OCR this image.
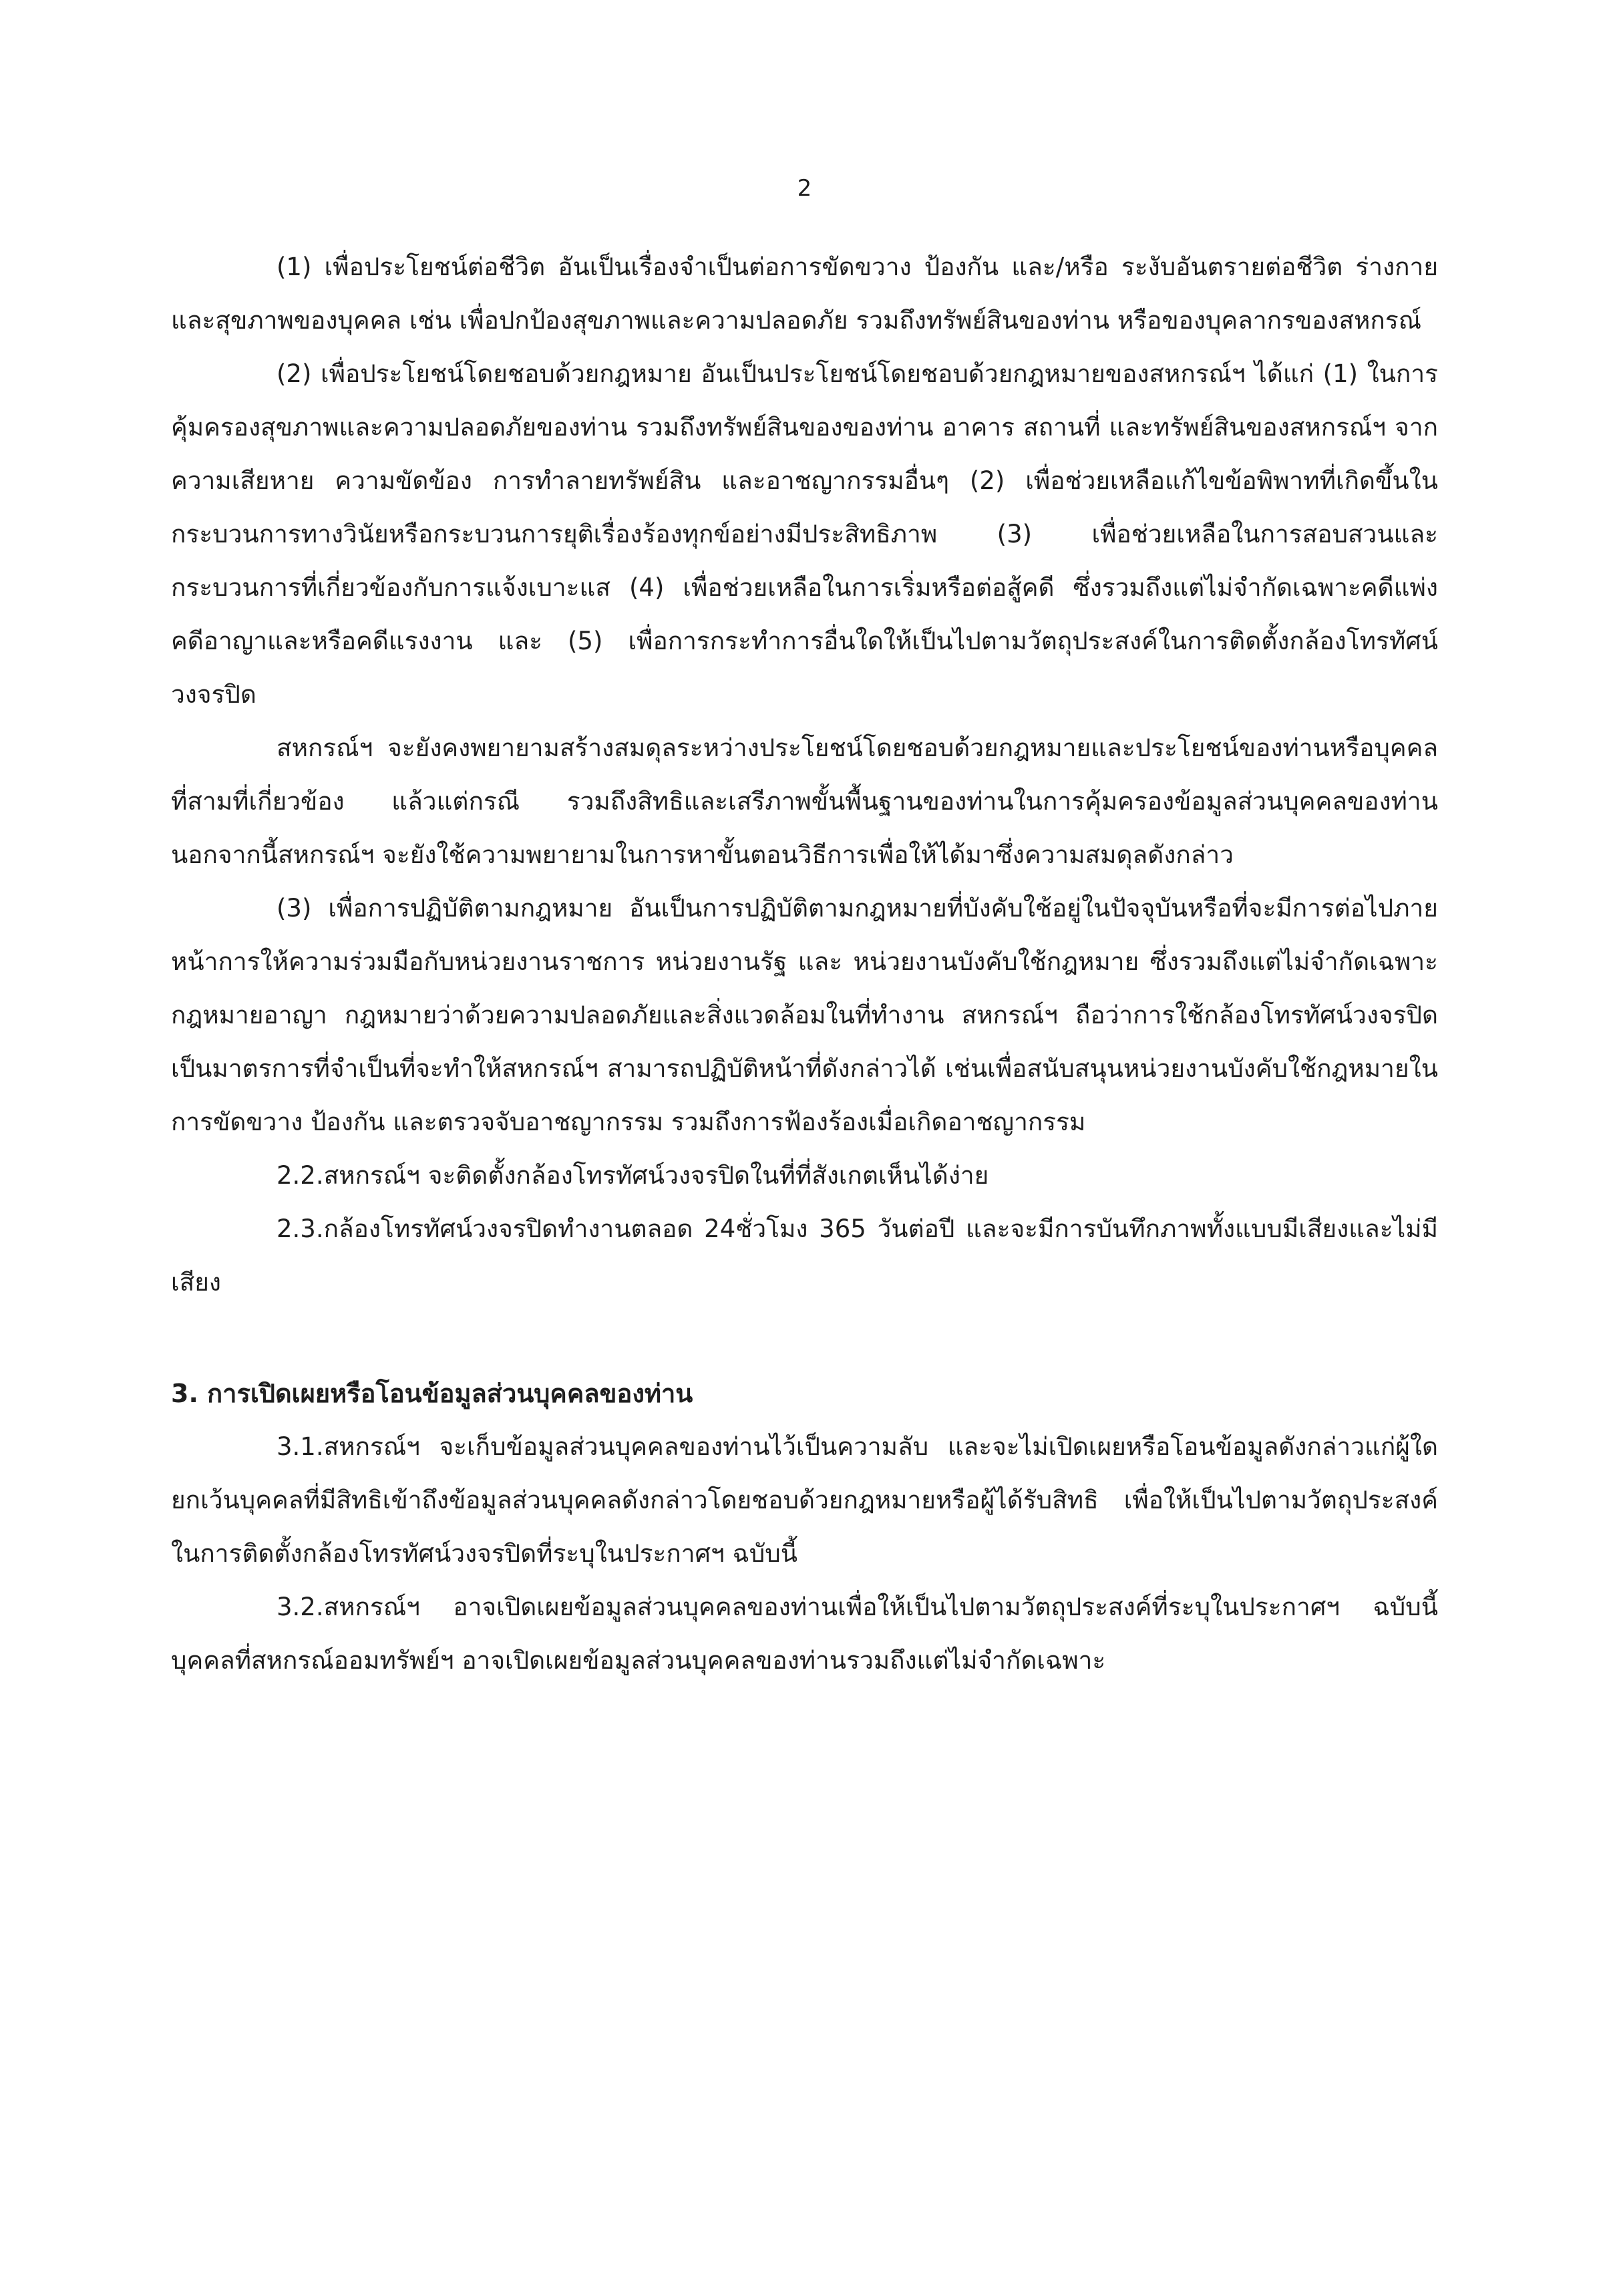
2

(1) เพื่อประโยชน์ต่อชีวิต อันเป็นเรื่องจำเป็นต่อการขัดขวาง ป้องกัน และ/หรือ ระงับอันตรายต่อชีวิต ร่างกาย และสุขภาพของบุคคล เช่น เพื่อปกป้องสุขภาพและความปลอดภัย รวมถึงทรัพย์สินของท่าน หรือของบุคลากรของสหกรณ์

(2) เพื่อประโยชน์โดยชอบด้วยกฎหมาย อันเป็นประโยชน์โดยชอบด้วยกฎหมายของสหกรณ์ฯ ได้แก่ (1) ในการคุ้มครองสุขภาพและความปลอดภัยของท่าน รวมถึงทรัพย์สินของของท่าน อาคาร สถานที่ และทรัพย์สินของสหกรณ์ฯ จากความเสียหาย ความขัดข้อง การทำลายทรัพย์สิน และอาชญากรรมอื่นๆ (2) เพื่อช่วยเหลือแก้ไขข้อพิพาทที่เกิดขึ้นในกระบวนการทางวินัยหรือกระบวนการยุติเรื่องร้องทุกข์อย่างมีประสิทธิภาพ (3) เพื่อช่วยเหลือในการสอบสวนและกระบวนการที่เกี่ยวข้องกับการแจ้งเบาะแส (4) เพื่อช่วยเหลือในการเริ่มหรือต่อสู้คดี ซึ่งรวมถึงแต่ไม่จำกัดเฉพาะคดีแพ่ง คดีอาญาและหรือคดีแรงงาน และ (5) เพื่อการกระทำการอื่นใดให้เป็นไปตามวัตถุประสงค์ในการติดตั้งกล้องโทรทัศน์วงจรปิด

สหกรณ์ฯ จะยังคงพยายามสร้างสมดุลระหว่างประโยชน์โดยชอบด้วยกฎหมายและประโยชน์ของท่านหรือบุคคลที่สามที่เกี่ยวข้อง แล้วแต่กรณี รวมถึงสิทธิและเสรีภาพขั้นพื้นฐานของท่านในการคุ้มครองข้อมูลส่วนบุคคลของท่าน นอกจากนี้สหกรณ์ฯ จะยังใช้ความพยายามในการหาขั้นตอนวิธีการเพื่อให้ได้มาซึ่งความสมดุลดังกล่าว

(3) เพื่อการปฏิบัติตามกฎหมาย อันเป็นการปฏิบัติตามกฎหมายที่บังคับใช้อยู่ในปัจจุบันหรือที่จะมีการต่อไปภายหน้าการให้ความร่วมมือกับหน่วยงานราชการ หน่วยงานรัฐ และ หน่วยงานบังคับใช้กฎหมาย ซึ่งรวมถึงแต่ไม่จำกัดเฉพาะ กฎหมายอาญา กฎหมายว่าด้วยความปลอดภัยและสิ่งแวดล้อมในที่ทำงาน สหกรณ์ฯ ถือว่าการใช้กล้องโทรทัศน์วงจรปิดเป็นมาตรการที่จำเป็นที่จะทำให้สหกรณ์ฯ สามารถปฏิบัติหน้าที่ดังกล่าวได้ เช่นเพื่อสนับสนุนหน่วยงานบังคับใช้กฎหมายในการขัดขวาง ป้องกัน และตรวจจับอาชญากรรม รวมถึงการฟ้องร้องเมื่อเกิดอาชญากรรม

2.2.สหกรณ์ฯ จะติดตั้งกล้องโทรทัศน์วงจรปิดในที่ที่สังเกตเห็นได้ง่าย

2.3.กล้องโทรทัศน์วงจรปิดทำงานตลอด 24ชั่วโมง 365 วันต่อปี และจะมีการบันทึกภาพทั้งแบบมีเสียงและไม่มีเสียง

3. การเปิดเผยหรือโอนข้อมูลส่วนบุคคลของท่าน

3.1.สหกรณ์ฯ จะเก็บข้อมูลส่วนบุคคลของท่านไว้เป็นความลับ และจะไม่เปิดเผยหรือโอนข้อมูลดังกล่าวแก่ผู้ใด ยกเว้นบุคคลที่มีสิทธิเข้าถึงข้อมูลส่วนบุคคลดังกล่าวโดยชอบด้วยกฎหมายหรือผู้ได้รับสิทธิ เพื่อให้เป็นไปตามวัตถุประสงค์ในการติดตั้งกล้องโทรทัศน์วงจรปิดที่ระบุในประกาศฯ ฉบับนี้

3.2.สหกรณ์ฯ อาจเปิดเผยข้อมูลส่วนบุคคลของท่านเพื่อให้เป็นไปตามวัตถุประสงค์ที่ระบุในประกาศฯ ฉบับนี้ บุคคลที่สหกรณ์ออมทรัพย์ฯ อาจเปิดเผยข้อมูลส่วนบุคคลของท่านรวมถึงแต่ไม่จำกัดเฉพาะ
